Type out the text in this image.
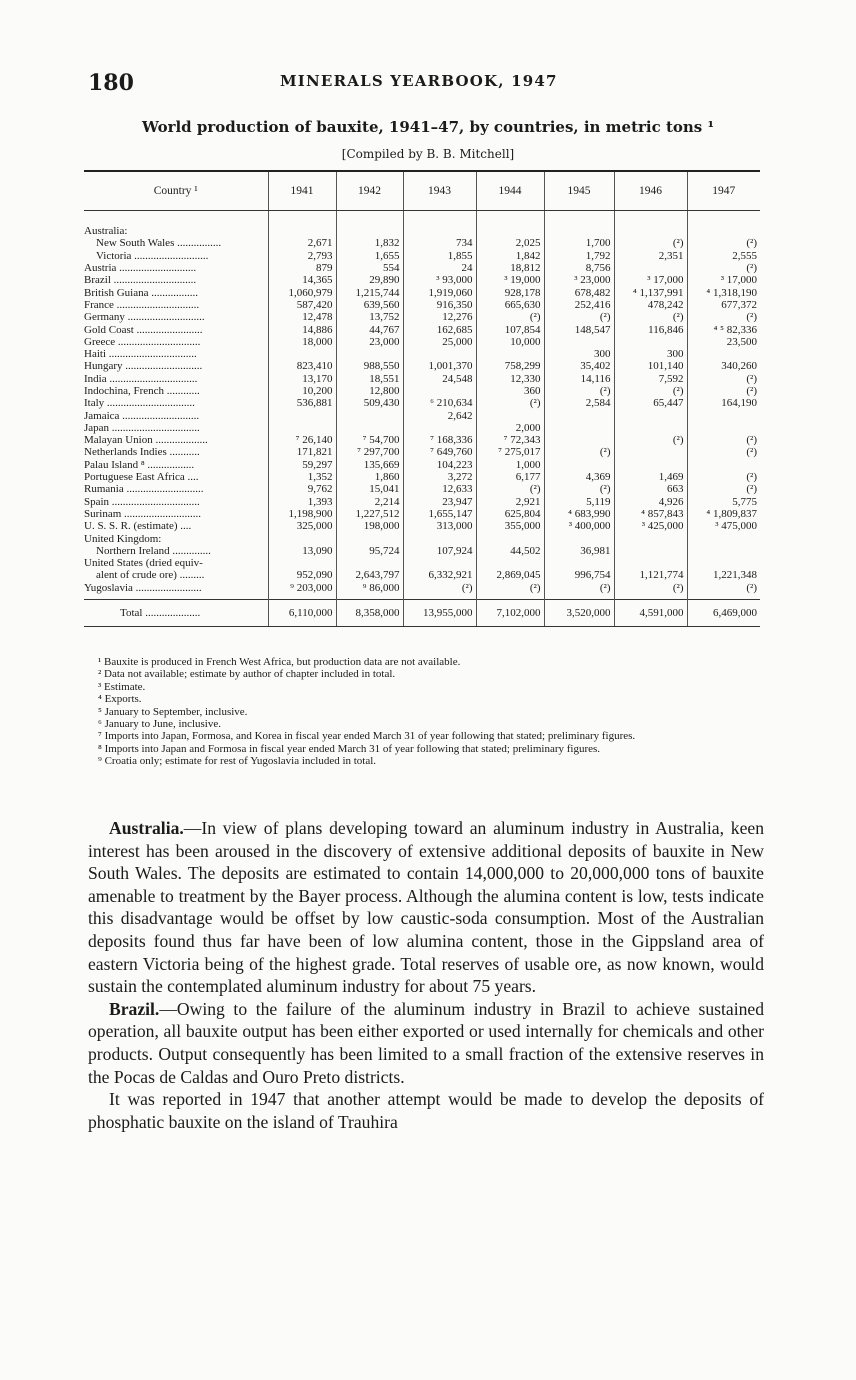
180	MINERALS YEARBOOK, 1947
World production of bauxite, 1941–47, by countries, in metric tons ¹
[Compiled by B. B. Mitchell]
Country ¹	1941	1942	1943	1944	1945	1946	1947

Australia:							
New South Wales ................	2,671	1,832	734	2,025	1,700	(²)	(²)
Victoria ...........................	2,793	1,655	1,855	1,842	1,792	2,351	2,555
Austria ............................	879	554	24	18,812	8,756		(²)
Brazil ..............................	14,365	29,890	³ 93,000	³ 19,000	³ 23,000	³ 17,000	³ 17,000
British Guiana .................	1,060,979	1,215,744	1,919,060	928,178	678,482	⁴ 1,137,991	⁴ 1,318,190
France ..............................	587,420	639,560	916,350	665,630	252,416	478,242	677,372
Germany ............................	12,478	13,752	12,276	(²)	(²)	(²)	(²)
Gold Coast ........................	14,886	44,767	162,685	107,854	148,547	116,846	⁴ ⁵ 82,336
Greece ..............................	18,000	23,000	25,000	10,000			23,500
Haiti ................................					300	300	
Hungary ............................	823,410	988,550	1,001,370	758,299	35,402	101,140	340,260
India ................................	13,170	18,551	24,548	12,330	14,116	7,592	(²)
Indochina, French ............	10,200	12,800		360	(²)	(²)	(²)
Italy ................................	536,881	509,430	⁶ 210,634	(²)	2,584	65,447	164,190
Jamaica ............................			2,642				
Japan ................................				2,000			
Malayan Union ...................	⁷ 26,140	⁷ 54,700	⁷ 168,336	⁷ 72,343		(²)	(²)
Netherlands Indies ...........	171,821	⁷ 297,700	⁷ 649,760	⁷ 275,017	(²)		(²)
Palau Island ⁸ .................	59,297	135,669	104,223	1,000			
Portuguese East Africa ....	1,352	1,860	3,272	6,177	4,369	1,469	(²)
Rumania ............................	9,762	15,041	12,633	(²)	(²)	663	(²)
Spain ................................	1,393	2,214	23,947	2,921	5,119	4,926	5,775
Surinam ............................	1,198,900	1,227,512	1,655,147	625,804	⁴ 683,990	⁴ 857,843	⁴ 1,809,837
U. S. S. R. (estimate) ....	325,000	198,000	313,000	355,000	³ 400,000	³ 425,000	³ 475,000
United Kingdom:							
Northern Ireland ..............	13,090	95,724	107,924	44,502	36,981		
United States (dried equiv-							
alent of crude ore) .........	952,090	2,643,797	6,332,921	2,869,045	996,754	1,121,774	1,221,348
Yugoslavia ........................	⁹ 203,000	⁹ 86,000	(²)	(²)	(²)	(²)	(²)
Total ....................	6,110,000	8,358,000	13,955,000	7,102,000	3,520,000	4,591,000	6,469,000
¹ Bauxite is produced in French West Africa, but production data are not available.
² Data not available; estimate by author of chapter included in total.
³ Estimate.
⁴ Exports.
⁵ January to September, inclusive.
⁶ January to June, inclusive.
⁷ Imports into Japan, Formosa, and Korea in fiscal year ended March 31 of year following that stated; preliminary figures.
⁸ Imports into Japan and Formosa in fiscal year ended March 31 of year following that stated; preliminary figures.
⁹ Croatia only; estimate for rest of Yugoslavia included in total.

Australia.—In view of plans developing toward an aluminum industry in Australia, keen interest has been aroused in the discovery of extensive additional deposits of bauxite in New South Wales. The deposits are estimated to contain 14,000,000 to 20,000,000 tons of bauxite amenable to treatment by the Bayer process. Although the alumina content is low, tests indicate this disadvantage would be offset by low caustic-soda consumption. Most of the Australian deposits found thus far have been of low alumina content, those in the Gippsland area of eastern Victoria being of the highest grade. Total reserves of usable ore, as now known, would sustain the contemplated aluminum industry for about 75 years.

Brazil.—Owing to the failure of the aluminum industry in Brazil to achieve sustained operation, all bauxite output has been either exported or used internally for chemicals and other products. Output consequently has been limited to a small fraction of the extensive reserves in the Pocas de Caldas and Ouro Preto districts.

It was reported in 1947 that another attempt would be made to develop the deposits of phosphatic bauxite on the island of Trauhira
